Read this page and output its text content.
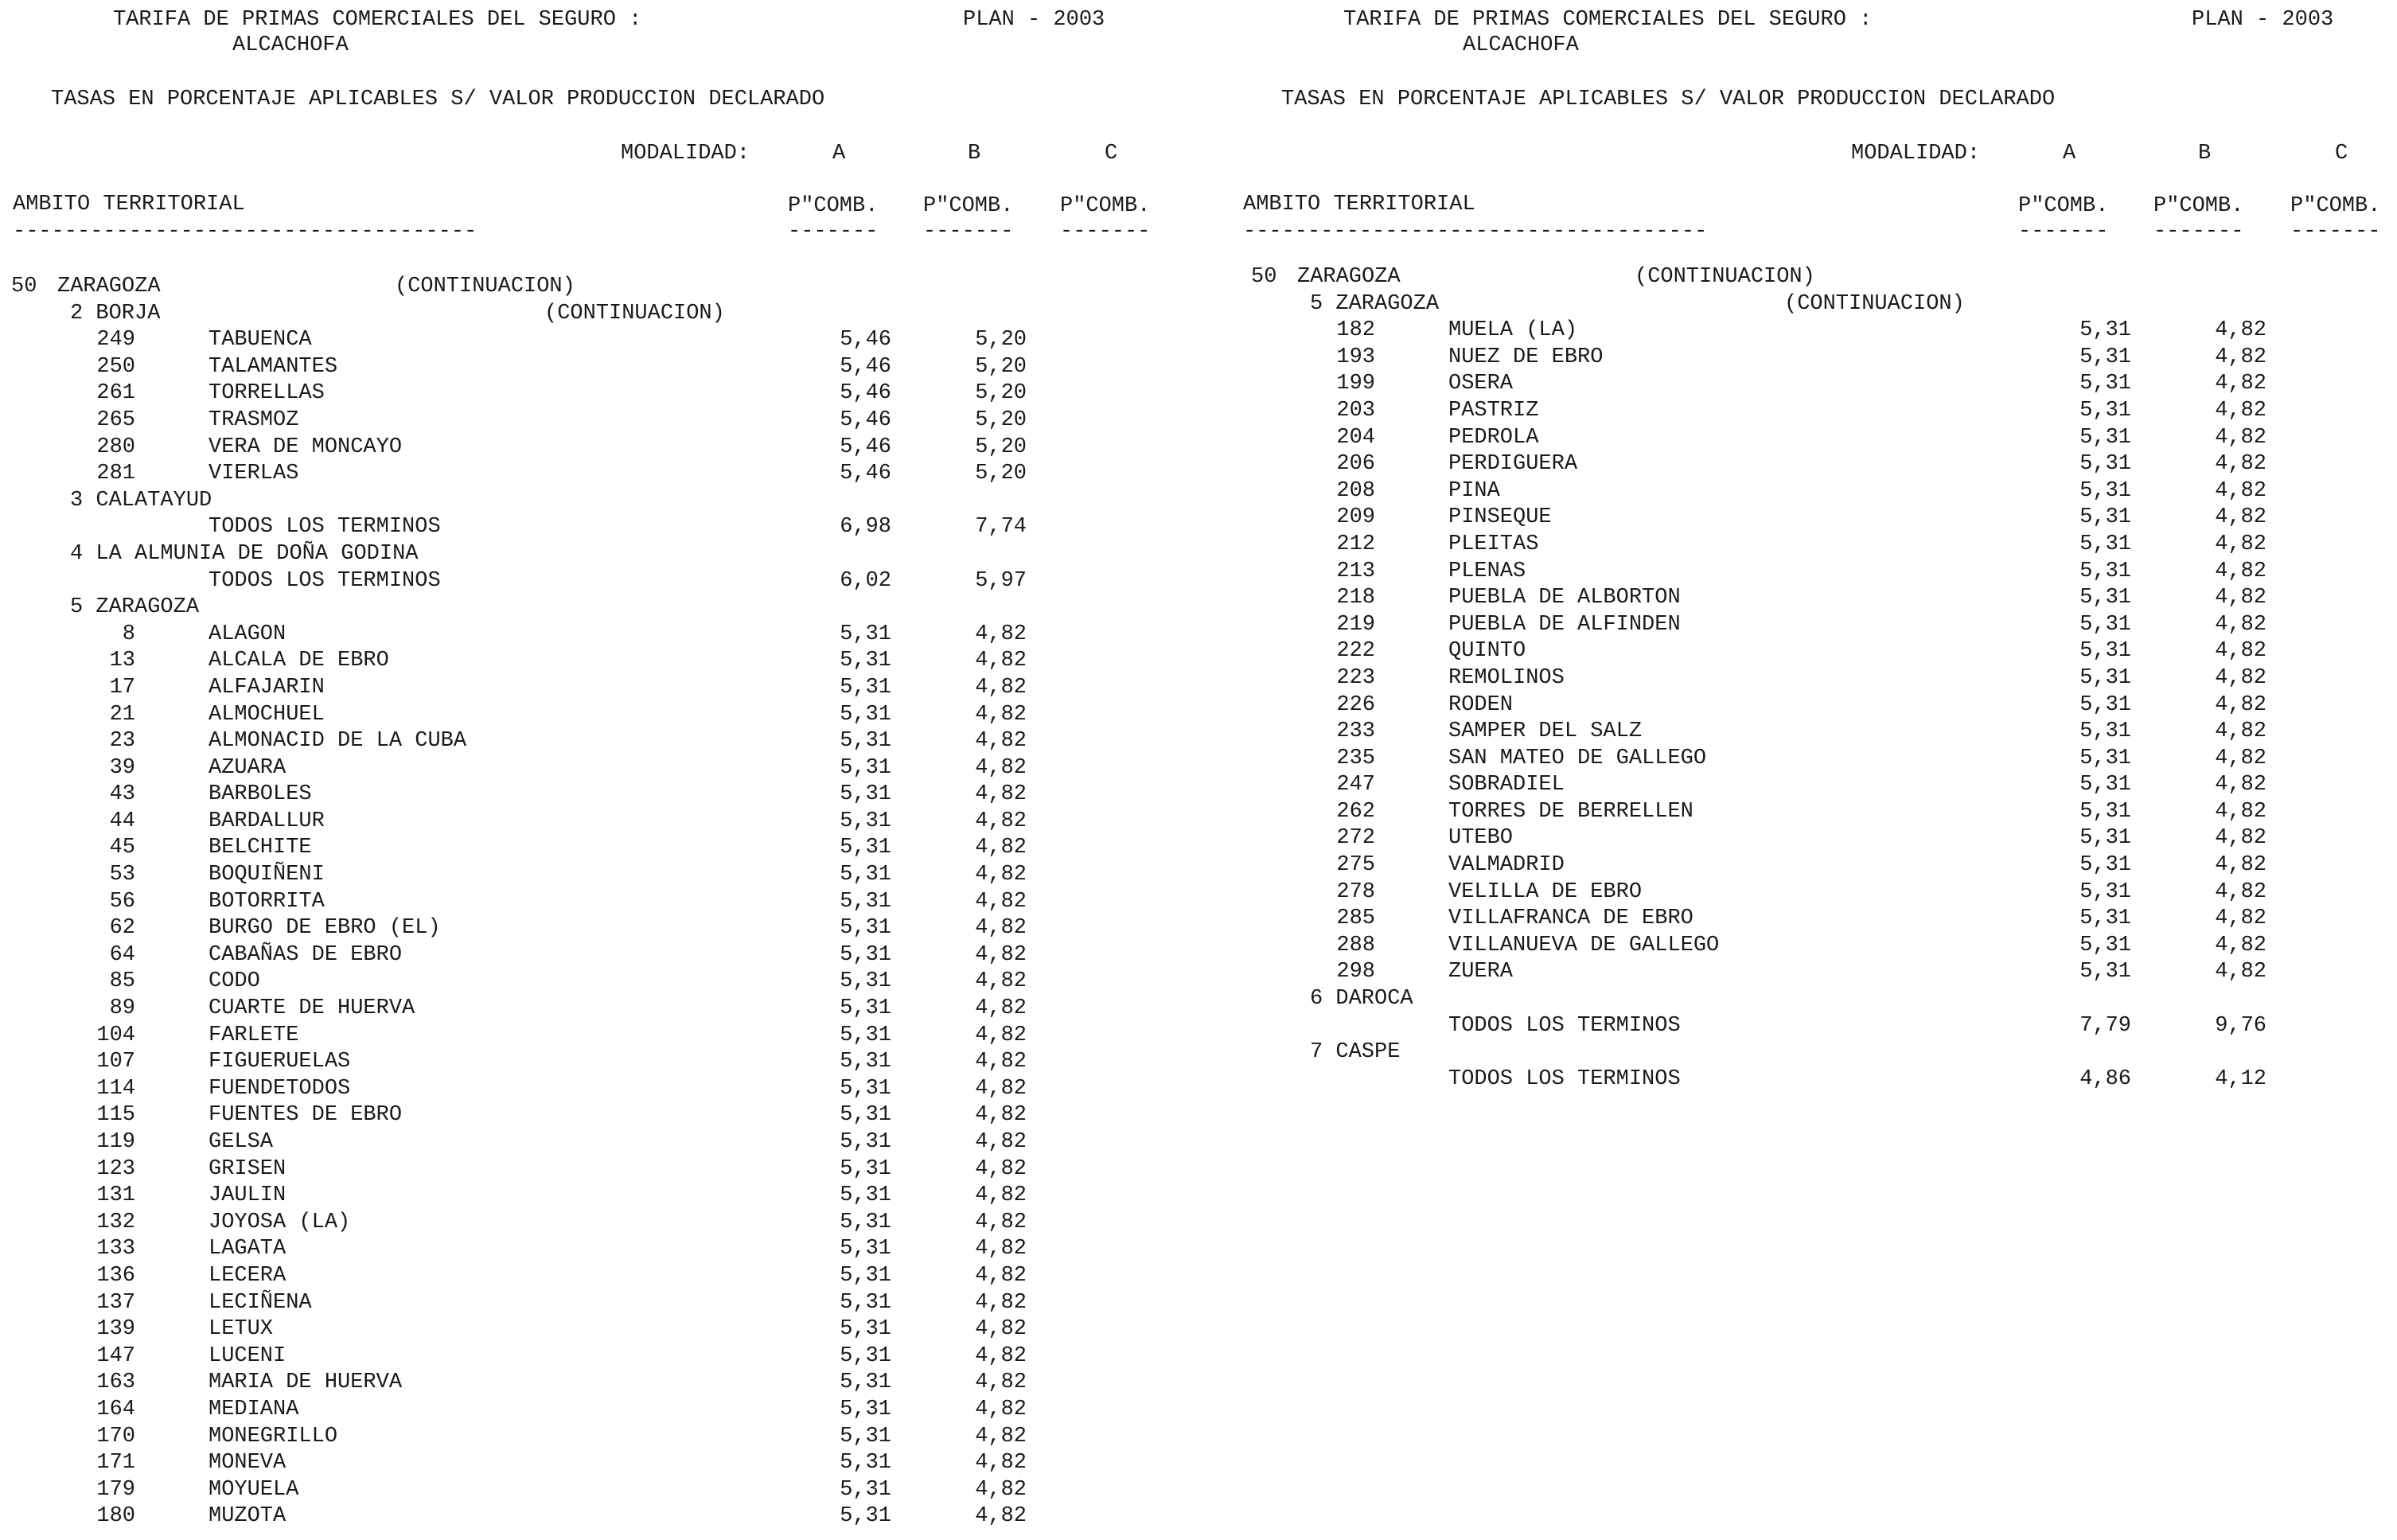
TARIFA DE PRIMAS COMERCIALES DEL SEGURO :	PLAN - 2003
ALCACHOFA
TASAS EN PORCENTAJE APLICABLES S/ VALOR PRODUCCION DECLARADO
MODALIDAD:	A	B	C
AMBITO TERRITORIAL	P"COMB. P"COMB. P"COMB.
------------------------------------	------- ------- -------
50 ZARAGOZA	(CONTINUACION)
2 BORJA	(CONTINUACION)
249	TABUENCA	5,46	5,20
250	TALAMANTES	5,46	5,20
261	TORRELLAS	5,46	5,20
265	TRASMOZ	5,46	5,20
280	VERA DE MONCAYO	5,46	5,20
281	VIERLAS	5,46	5,20
3 CALATAYUD
TODOS LOS TERMINOS	6,98	7,74
4 LA ALMUNIA DE DOÑA GODINA
TODOS LOS TERMINOS	6,02	5,97
5 ZARAGOZA
8	ALAGON	5,31	4,82
13	ALCALA DE EBRO	5,31	4,82
17	ALFAJARIN	5,31	4,82
21	ALMOCHUEL	5,31	4,82
23	ALMONACID DE LA CUBA	5,31	4,82
39	AZUARA	5,31	4,82
43	BARBOLES	5,31	4,82
44	BARDALLUR	5,31	4,82
45	BELCHITE	5,31	4,82
53	BOQUIÑENI	5,31	4,82
56	BOTORRITA	5,31	4,82
62	BURGO DE EBRO (EL)	5,31	4,82
64	CABAÑAS DE EBRO	5,31	4,82
85	CODO	5,31	4,82
89	CUARTE DE HUERVA	5,31	4,82
104	FARLETE	5,31	4,82
107	FIGUERUELAS	5,31	4,82
114	FUENDETODOS	5,31	4,82
115	FUENTES DE EBRO	5,31	4,82
119	GELSA	5,31	4,82
123	GRISEN	5,31	4,82
131	JAULIN	5,31	4,82
132	JOYOSA (LA)	5,31	4,82
133	LAGATA	5,31	4,82
136	LECERA	5,31	4,82
137	LECIÑENA	5,31	4,82
139	LETUX	5,31	4,82
147	LUCENI	5,31	4,82
163	MARIA DE HUERVA	5,31	4,82
164	MEDIANA	5,31	4,82
170	MONEGRILLO	5,31	4,82
171	MONEVA	5,31	4,82
179	MOYUELA	5,31	4,82
180	MUZOTA	5,31	4,82
TARIFA DE PRIMAS COMERCIALES DEL SEGURO :	PLAN - 2003
ALCACHOFA
TASAS EN PORCENTAJE APLICABLES S/ VALOR PRODUCCION DECLARADO
MODALIDAD:	A	B	C
AMBITO TERRITORIAL	P"COMB. P"COMB. P"COMB.
------------------------------------	------- ------- -------
50 ZARAGOZA	(CONTINUACION)
5 ZARAGOZA	(CONTINUACION)
182	MUELA (LA)	5,31	4,82
193	NUEZ DE EBRO	5,31	4,82
199	OSERA	5,31	4,82
203	PASTRIZ	5,31	4,82
204	PEDROLA	5,31	4,82
206	PERDIGUERA	5,31	4,82
208	PINA	5,31	4,82
209	PINSEQUE	5,31	4,82
212	PLEITAS	5,31	4,82
213	PLENAS	5,31	4,82
218	PUEBLA DE ALBORTON	5,31	4,82
219	PUEBLA DE ALFINDEN	5,31	4,82
222	QUINTO	5,31	4,82
223	REMOLINOS	5,31	4,82
226	RODEN	5,31	4,82
233	SAMPER DEL SALZ	5,31	4,82
235	SAN MATEO DE GALLEGO	5,31	4,82
247	SOBRADIEL	5,31	4,82
262	TORRES DE BERRELLEN	5,31	4,82
272	UTEBO	5,31	4,82
275	VALMADRID	5,31	4,82
278	VELILLA DE EBRO	5,31	4,82
285	VILLAFRANCA DE EBRO	5,31	4,82
288	VILLANUEVA DE GALLEGO	5,31	4,82
298	ZUERA	5,31	4,82
6 DAROCA
TODOS LOS TERMINOS	7,79	9,76
7 CASPE
TODOS LOS TERMINOS	4,86	4,12
